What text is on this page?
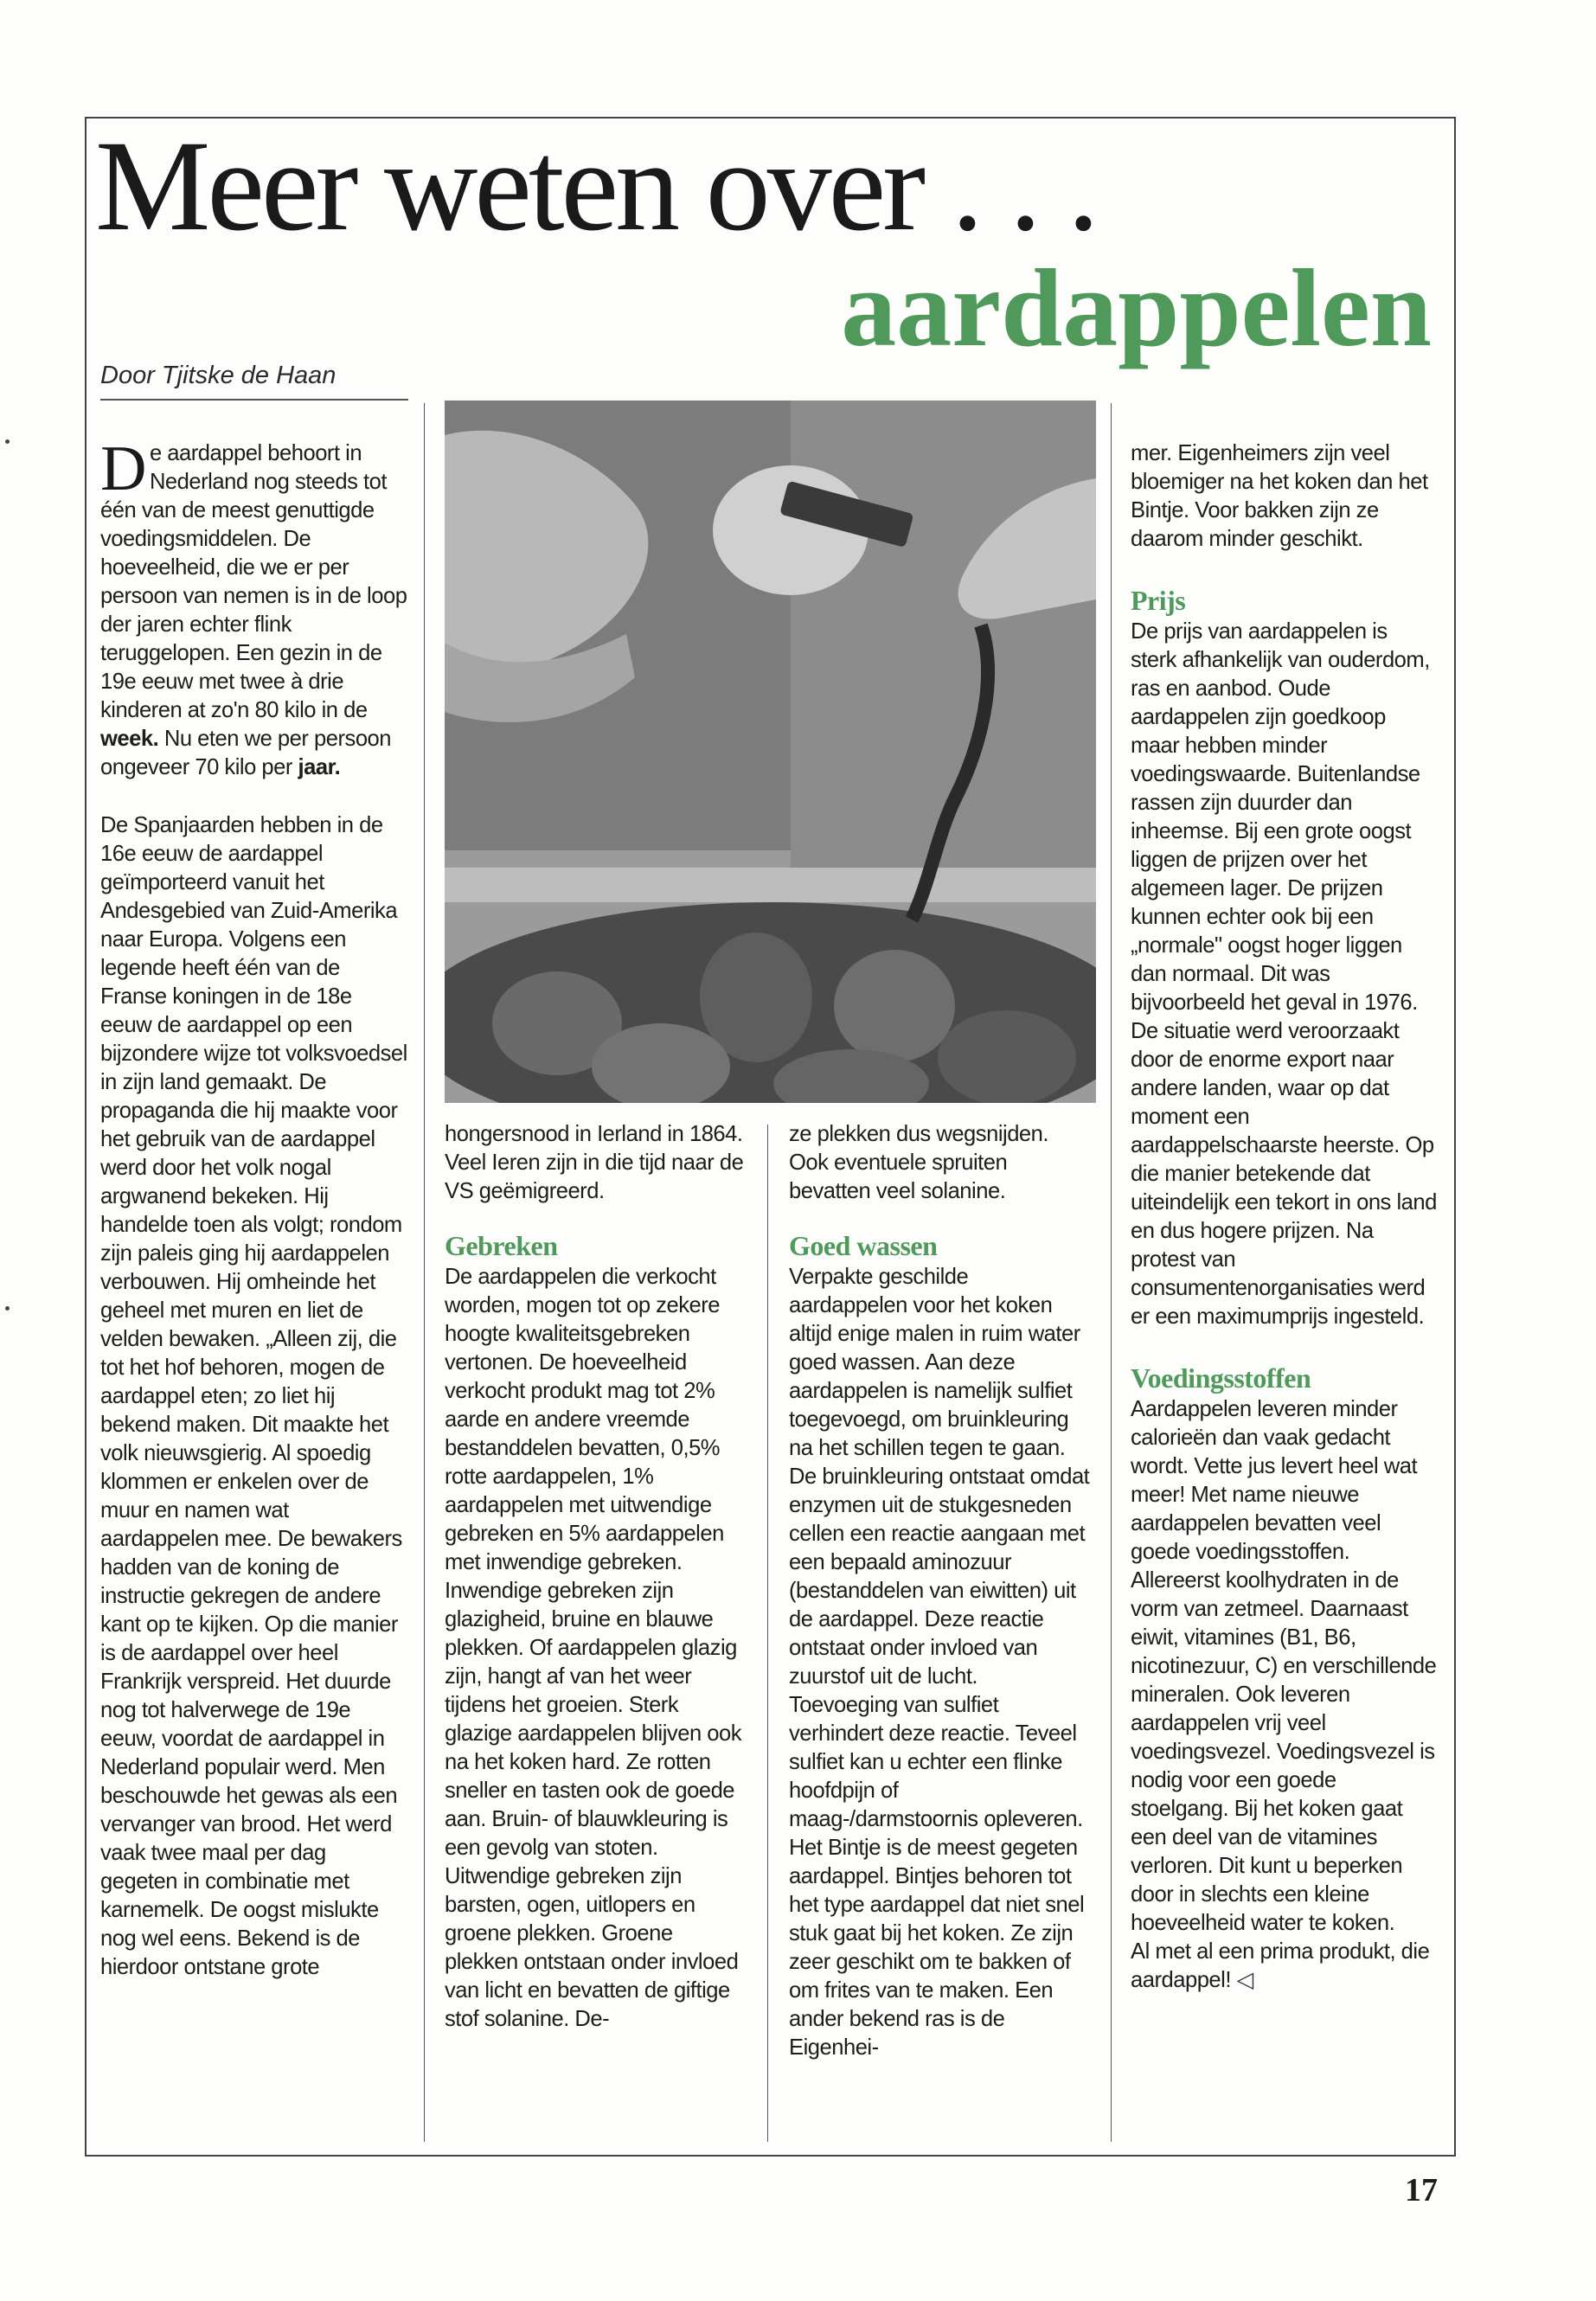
Meer weten over . . .
aardappelen
Door Tjitske de Haan

De aardappel behoort in Nederland nog steeds tot één van de meest genuttigde voedingsmiddelen. De hoeveelheid, die we er per persoon van nemen is in de loop der jaren echter flink teruggelopen. Een gezin in de 19e eeuw met twee à drie kinderen at zo'n 80 kilo in de week. Nu eten we per persoon ongeveer 70 kilo per jaar.

De Spanjaarden hebben in de 16e eeuw de aardappel geïmporteerd vanuit het Andesgebied van Zuid-Amerika naar Europa. Volgens een legende heeft één van de Franse koningen in de 18e eeuw de aardappel op een bijzondere wijze tot volksvoedsel in zijn land gemaakt. De propaganda die hij maakte voor het gebruik van de aardappel werd door het volk nogal argwanend bekeken. Hij handelde toen als volgt; rondom zijn paleis ging hij aardappelen verbouwen. Hij omheinde het geheel met muren en liet de velden bewaken. „Alleen zij, die tot het hof behoren, mogen de aardappel eten; zo liet hij bekend maken. Dit maakte het volk nieuwsgierig. Al spoedig klommen er enkelen over de muur en namen wat aardappelen mee. De bewakers hadden van de koning de instructie gekregen de andere kant op te kijken. Op die manier is de aardappel over heel Frankrijk verspreid. Het duurde nog tot halverwege de 19e eeuw, voordat de aardappel in Nederland populair werd. Men beschouwde het gewas als een vervanger van brood. Het werd vaak twee maal per dag gegeten in combinatie met karnemelk. De oogst mislukte nog wel eens. Bekend is de hierdoor ontstane grote

hongersnood in Ierland in 1864. Veel Ieren zijn in die tijd naar de VS geëmigreerd.

Gebreken

De aardappelen die verkocht worden, mogen tot op zekere hoogte kwaliteitsgebreken vertonen. De hoeveelheid verkocht produkt mag tot 2% aarde en andere vreemde bestanddelen bevatten, 0,5% rotte aardappelen, 1% aardappelen met uitwendige gebreken en 5% aardappelen met inwendige gebreken. Inwendige gebreken zijn glazigheid, bruine en blauwe plekken. Of aardappelen glazig zijn, hangt af van het weer tijdens het groeien. Sterk glazige aardappelen blijven ook na het koken hard. Ze rotten sneller en tasten ook de goede aan. Bruin- of blauwkleuring is een gevolg van stoten. Uitwendige gebreken zijn barsten, ogen, uitlopers en groene plekken. Groene plekken ontstaan onder invloed van licht en bevatten de giftige stof solanine. De-

ze plekken dus wegsnijden. Ook eventuele spruiten bevatten veel solanine.

Goed wassen

Verpakte geschilde aardappelen voor het koken altijd enige malen in ruim water goed wassen. Aan deze aardappelen is namelijk sulfiet toegevoegd, om bruinkleuring na het schillen tegen te gaan. De bruinkleuring ontstaat omdat enzymen uit de stukgesneden cellen een reactie aangaan met een bepaald aminozuur (bestanddelen van eiwitten) uit de aardappel. Deze reactie ontstaat onder invloed van zuurstof uit de lucht. Toevoeging van sulfiet verhindert deze reactie. Teveel sulfiet kan u echter een flinke hoofdpijn of maag-/darmstoornis opleveren.

Het Bintje is de meest gegeten aardappel. Bintjes behoren tot het type aardappel dat niet snel stuk gaat bij het koken. Ze zijn zeer geschikt om te bakken of om frites van te maken. Een ander bekend ras is de Eigenhei-

mer. Eigenheimers zijn veel bloemiger na het koken dan het Bintje. Voor bakken zijn ze daarom minder geschikt.

Prijs

De prijs van aardappelen is sterk afhankelijk van ouderdom, ras en aanbod. Oude aardappelen zijn goedkoop maar hebben minder voedingswaarde. Buitenlandse rassen zijn duurder dan inheemse. Bij een grote oogst liggen de prijzen over het algemeen lager. De prijzen kunnen echter ook bij een „normale" oogst hoger liggen dan normaal. Dit was bijvoorbeeld het geval in 1976. De situatie werd veroorzaakt door de enorme export naar andere landen, waar op dat moment een aardappelschaarste heerste. Op die manier betekende dat uiteindelijk een tekort in ons land en dus hogere prijzen. Na protest van consumentenorganisaties werd er een maximumprijs ingesteld.

Voedingsstoffen

Aardappelen leveren minder calorieën dan vaak gedacht wordt. Vette jus levert heel wat meer! Met name nieuwe aardappelen bevatten veel goede voedingsstoffen. Allereerst koolhydraten in de vorm van zetmeel. Daarnaast eiwit, vitamines (B1, B6, nicotinezuur, C) en verschillende mineralen. Ook leveren aardappelen vrij veel voedingsvezel. Voedingsvezel is nodig voor een goede stoelgang. Bij het koken gaat een deel van de vitamines verloren. Dit kunt u beperken door in slechts een kleine hoeveelheid water te koken.

Al met al een prima produkt, die aardappel! ◁

17
